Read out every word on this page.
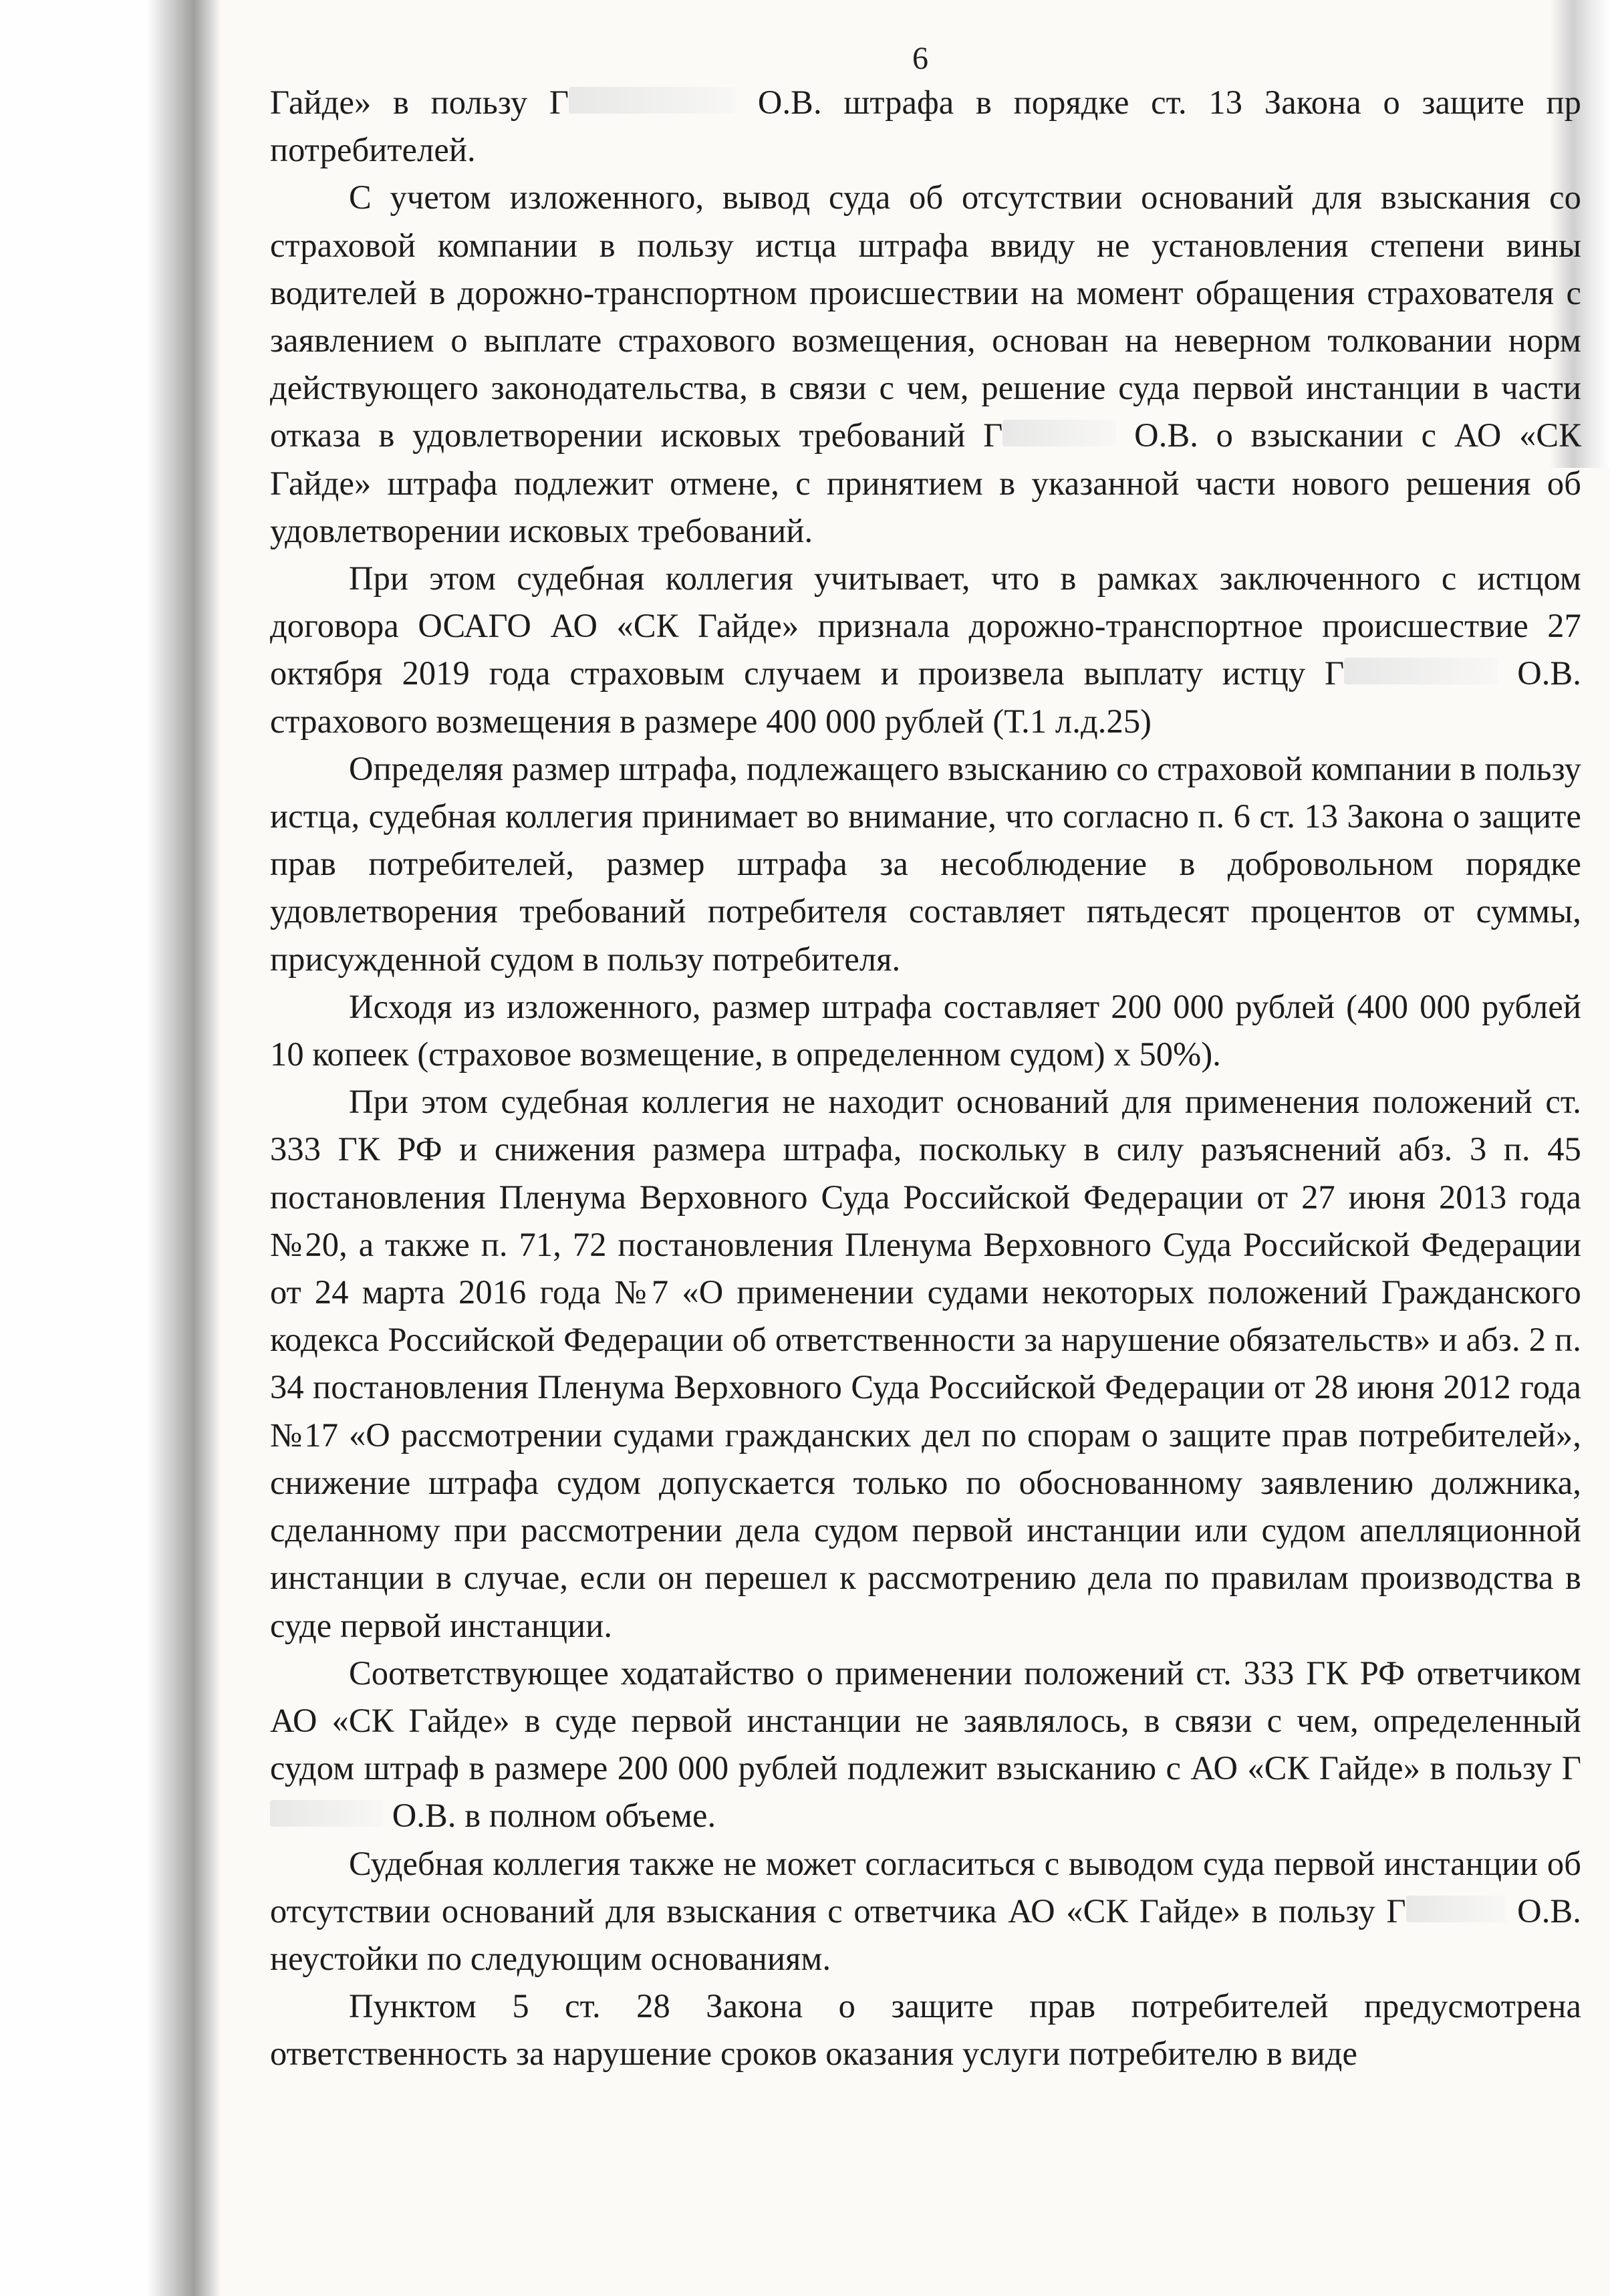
6

Гайде» в пользу Г	О.В. штрафа в порядке ст. 13 Закона о защите пр потребителей.

С учетом изложенного, вывод суда об отсутствии оснований для взыскания со страховой компании в пользу истца штрафа ввиду не установления степени вины водителей в дорожно-транспортном происшествии на момент обращения страхователя с заявлением о выплате страхового возмещения, основан на неверном толковании норм действующего законодательства, в связи с чем, решение суда первой инстанции в части отказа в удовлетворении исковых требований Г	О.В. о взыскании с АО «СК Гайде» штрафа подлежит отмене, с принятием в указанной части нового решения об удовлетворении исковых требований.

При этом судебная коллегия учитывает, что в рамках заключенного с истцом договора ОСАГО АО «СК Гайде» признала дорожно-транспортное происшествие 27 октября 2019 года страховым случаем и произвела выплату истцу Г	О.В. страхового возмещения в размере 400 000 рублей (Т.1 л.д.25)

Определяя размер штрафа, подлежащего взысканию со страховой компании в пользу истца, судебная коллегия принимает во внимание, что согласно п. 6 ст. 13 Закона о защите прав потребителей, размер штрафа за несоблюдение в добровольном порядке удовлетворения требований потребителя составляет пятьдесят процентов от суммы, присужденной судом в пользу потребителя.

Исходя из изложенного, размер штрафа составляет 200 000 рублей (400 000 рублей 10 копеек (страховое возмещение, в определенном судом) х 50%).

При этом судебная коллегия не находит оснований для применения положений ст. 333 ГК РФ и снижения размера штрафа, поскольку в силу разъяснений абз. 3 п. 45 постановления Пленума Верховного Суда Российской Федерации от 27 июня 2013 года №20, а также п. 71, 72 постановления Пленума Верховного Суда Российской Федерации от 24 марта 2016 года №7 «О применении судами некоторых положений Гражданского кодекса Российской Федерации об ответственности за нарушение обязательств» и абз. 2 п. 34 постановления Пленума Верховного Суда Российской Федерации от 28 июня 2012 года №17 «О рассмотрении судами гражданских дел по спорам о защите прав потребителей», снижение штрафа судом допускается только по обоснованному заявлению должника, сделанному при рассмотрении дела судом первой инстанции или судом апелляционной инстанции в случае, если он перешел к рассмотрению дела по правилам производства в суде первой инстанции.

Соответствующее ходатайство о применении положений ст. 333 ГК РФ ответчиком АО «СК Гайде» в суде первой инстанции не заявлялось, в связи с чем, определенный судом штраф в размере 200 000 рублей подлежит взысканию с АО «СК Гайде» в пользу Г О.В. в полном объеме.

Судебная коллегия также не может согласиться с выводом суда первой инстанции об отсутствии оснований для взыскания с ответчика АО «СК Гайде» в пользу Г	О.В. неустойки по следующим основаниям.

Пунктом 5 ст. 28 Закона о защите прав потребителей предусмотрена ответственность за нарушение сроков оказания услуги потребителю в виде
